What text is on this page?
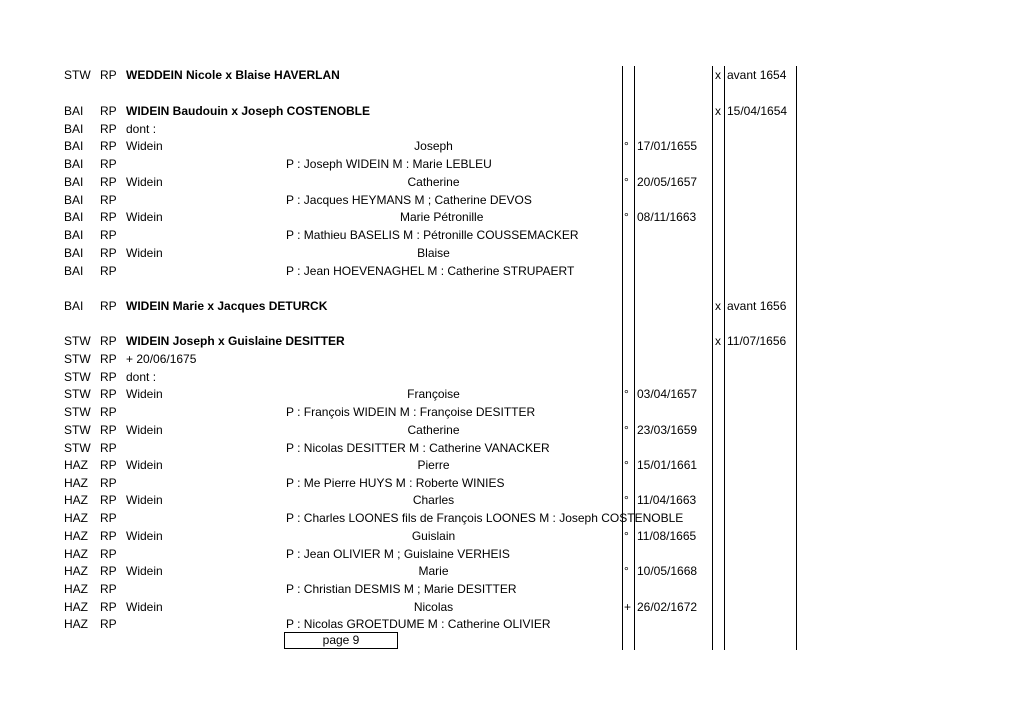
STW RP WEDDEIN Nicole x Blaise HAVERLAN	x avant 1654
BAI RP WIDEIN Baudouin x Joseph COSTENOBLE	x 15/04/1654
BAI RP dont :
BAI RP Widein	Joseph	° 17/01/1655
BAI RP	P : Joseph WIDEIN M : Marie LEBLEU
BAI RP Widein	Catherine	° 20/05/1657
BAI RP	P : Jacques HEYMANS M ; Catherine DEVOS
BAI RP Widein	Marie Pétronille	° 08/11/1663
BAI RP	P : Mathieu BASELIS M : Pétronille COUSSEMACKER
BAI RP Widein	Blaise
BAI RP	P : Jean HOEVENAGHEL M : Catherine STRUPAERT
BAI RP WIDEIN Marie x Jacques DETURCK	x avant 1656
STW RP WIDEIN Joseph x Guislaine DESITTER	x 11/07/1656
STW RP + 20/06/1675
STW RP dont :
STW RP Widein	Françoise	° 03/04/1657
STW RP	P : François WIDEIN M : Françoise DESITTER
STW RP Widein	Catherine	° 23/03/1659
STW RP	P : Nicolas DESITTER M : Catherine VANACKER
HAZ RP Widein	Pierre	° 15/01/1661
HAZ RP	P : Me Pierre HUYS M : Roberte WINIES
HAZ RP Widein	Charles	° 11/04/1663
HAZ RP	P : Charles LOONES fils de François LOONES M : Joseph COSTENOBLE
HAZ RP Widein	Guislain	° 11/08/1665
HAZ RP	P : Jean OLIVIER M ; Guislaine VERHEIS
HAZ RP Widein	Marie	° 10/05/1668
HAZ RP	P : Christian DESMIS M ; Marie DESITTER
HAZ RP Widein	Nicolas	+ 26/02/1672
HAZ RP	P : Nicolas GROETDUME M : Catherine OLIVIER
page 9
